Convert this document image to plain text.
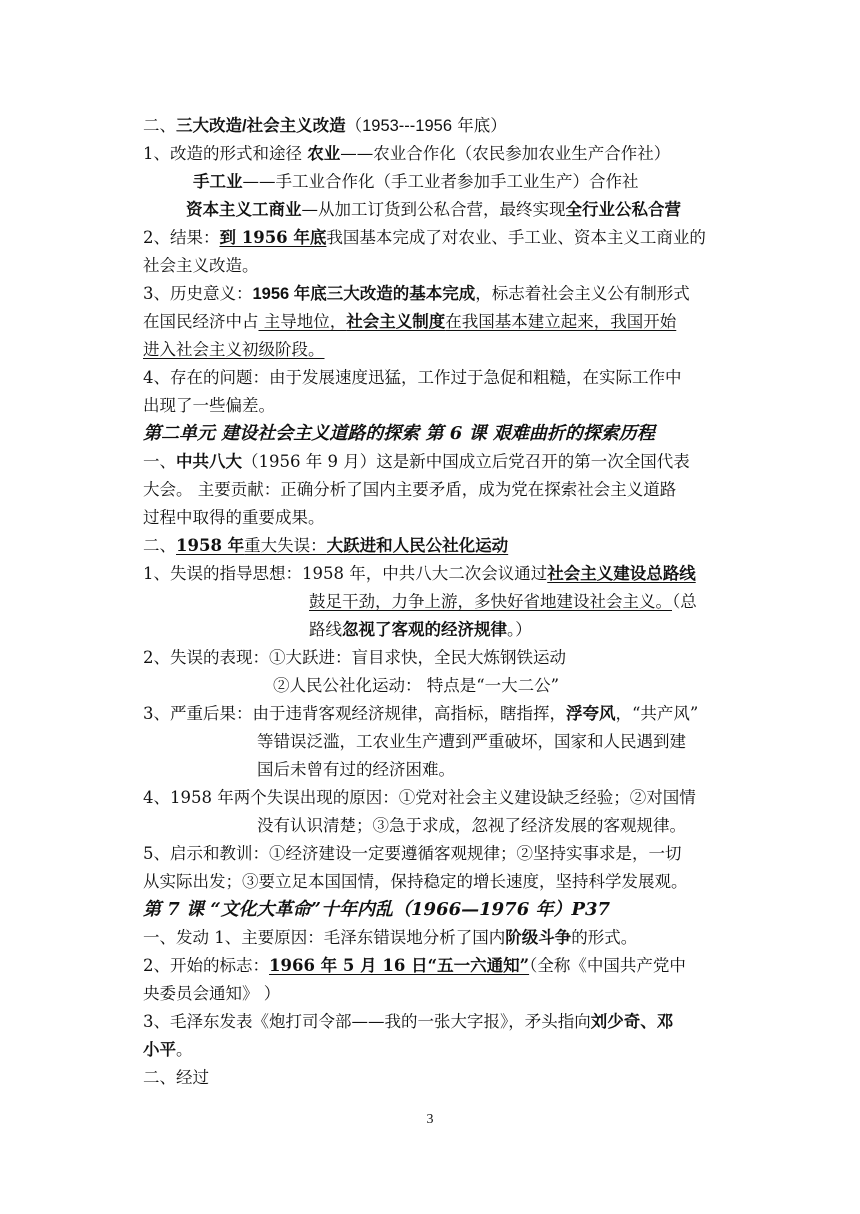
二、三大改造/社会主义改造（1953---1956 年底）
1、改造的形式和途径 农业——农业合作化（农民参加农业生产合作社）
手工业——手工业合作化（手工业者参加手工业生产）合作社
资本主义工商业—从加工订货到公私合营，最终实现全行业公私合营
2、结果：到 1956 年底我国基本完成了对农业、手工业、资本主义工商业的
社会主义改造。
3、历史意义：1956 年底三大改造的基本完成，标志着社会主义公有制形式
在国民经济中占 主导地位，社会主义制度在我国基本建立起来，我国开始
进入社会主义初级阶段。
4、存在的问题：由于发展速度迅猛，工作过于急促和粗糙，在实际工作中
出现了一些偏差。
第二单元 建设社会主义道路的探索 第 6 课 艰难曲折的探索历程
一、中共八大（1956 年 9 月）这是新中国成立后党召开的第一次全国代表
大会。 主要贡献：正确分析了国内主要矛盾，成为党在探索社会主义道路
过程中取得的重要成果。
二、1958 年重大失误：大跃进和人民公社化运动
1、失误的指导思想：1958 年，中共八大二次会议通过社会主义建设总路线
鼓足干劲，力争上游，多快好省地建设社会主义。（总
路线忽视了客观的经济规律。）
2、失误的表现：①大跃进：盲目求快，全民大炼钢铁运动
②人民公社化运动： 特点是“一大二公”
3、严重后果：由于违背客观经济规律，高指标，瞎指挥，浮夸风，“共产风”
等错误泛滥，工农业生产遭到严重破坏，国家和人民遇到建
国后未曾有过的经济困难。
4、1958 年两个失误出现的原因：①党对社会主义建设缺乏经验；②对国情
没有认识清楚；③急于求成，忽视了经济发展的客观规律。
5、启示和教训：①经济建设一定要遵循客观规律；②坚持实事求是，一切
从实际出发；③要立足本国国情，保持稳定的增长速度，坚持科学发展观。
第 7 课 “文化大革命”十年内乱（1966—1976 年）P37
一、发动 1、主要原因：毛泽东错误地分析了国内阶级斗争的形式。
2、开始的标志：1966 年 5 月 16 日“五一六通知”（全称《中国共产党中
央委员会通知》 ）
3、毛泽东发表《炮打司令部——我的一张大字报》，矛头指向刘少奇、邓
小平。
二、经过
3
